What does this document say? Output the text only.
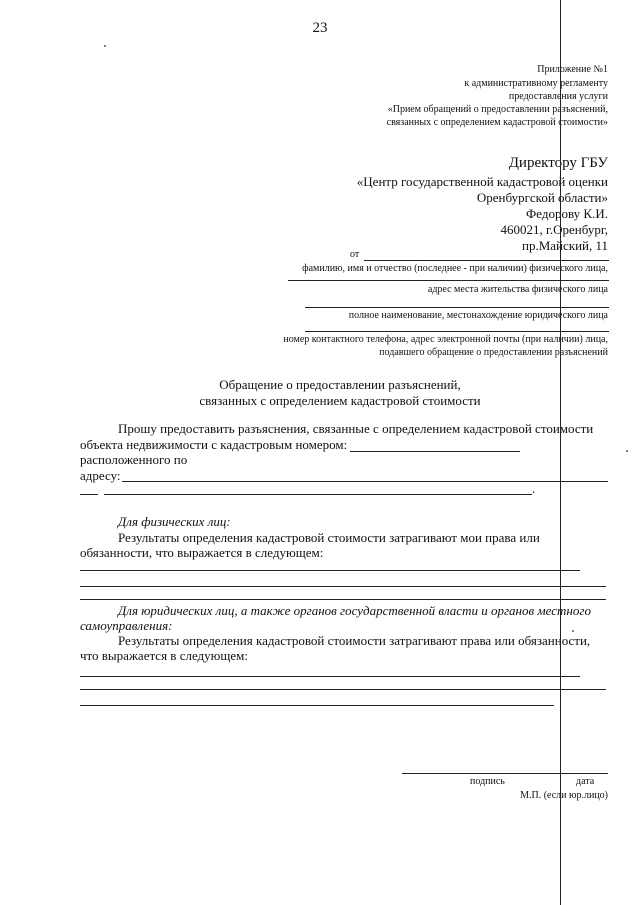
23
Приложение №1
к административному регламенту
предоставления услуги
«Прием обращений о предоставлении разъяснений,
связанных с определением кадастровой стоимости»
Директору ГБУ
«Центр государственной кадастровой оценки
Оренбургской области»
Федорову К.И.
460021, г.Оренбург,
пр.Майский, 11
от
фамилию, имя и отчество (последнее - при наличии) физического лица,
адрес места жительства физического лица
полное наименование, местонахождение юридического лица
номер контактного телефона, адрес электронной почты (при наличии) лица,
подавшего обращение о предоставлении разъяснений
Обращение о предоставлении разъяснений,
связанных с определением кадастровой стоимости
Прошу предоставить разъяснения, связанные с определением кадастровой стоимости
объекта недвижимости с кадастровым номером:
расположенного по
адресу:
.
Для физических лиц:
Результаты определения кадастровой стоимости затрагивают мои права или
обязанности, что выражается в следующем:
Для юридических лиц, а также органов государственной власти и органов местного
самоуправления:
Результаты определения кадастровой стоимости затрагивают права или обязанности,
что выражается в следующем:
подпись	дата
М.П. (если юр.лицо)
